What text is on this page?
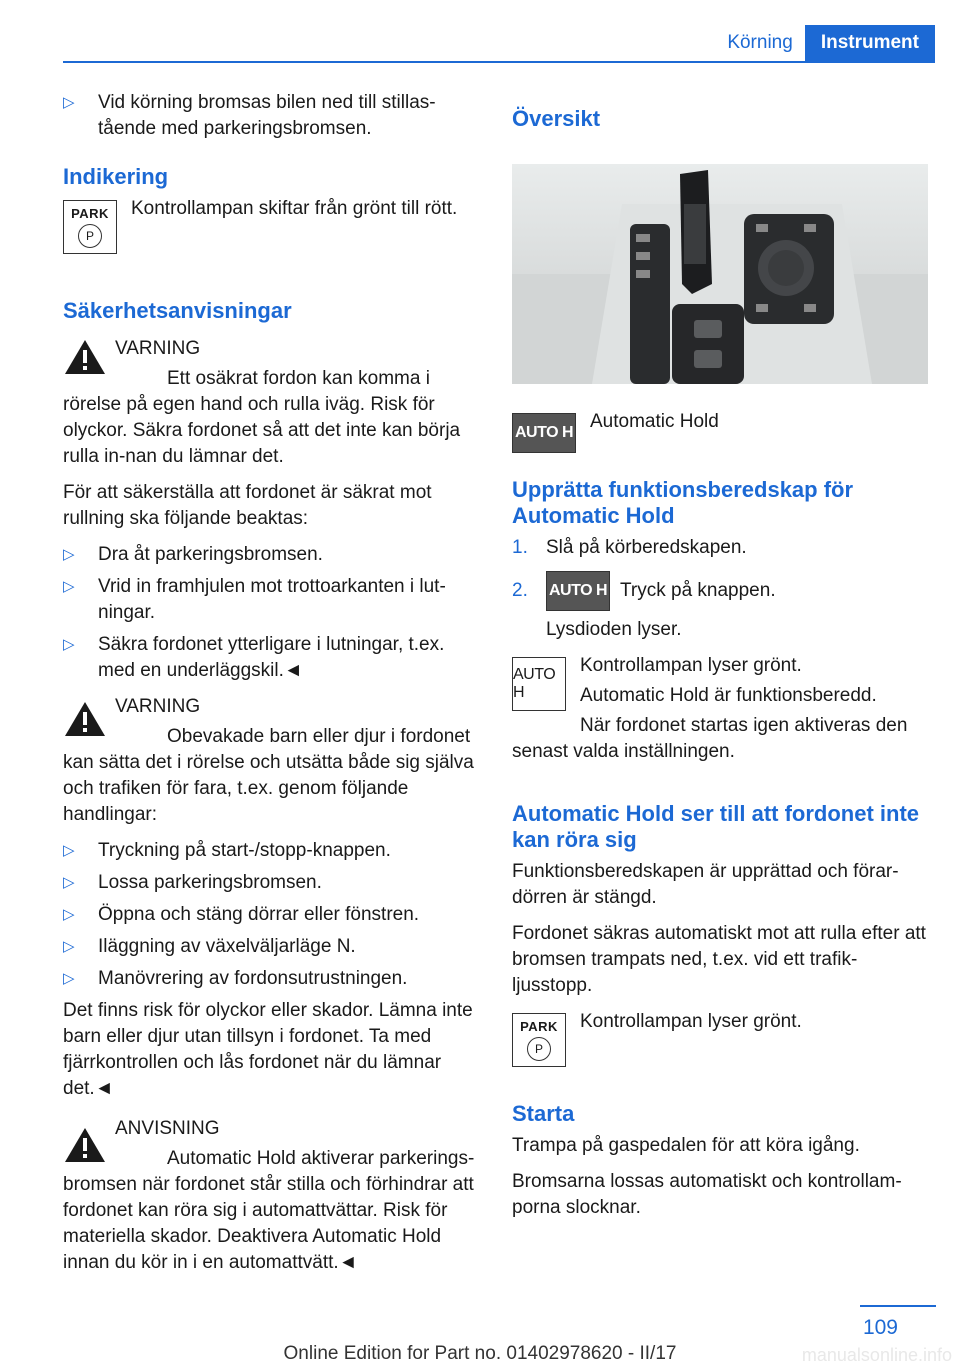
Körning	Instrument
▷	Vid körning bromsas bilen ned till stillas‐tående med parkeringsbromsen.
Indikering
PARK
P

Kontrollampan skiftar från grönt till rött.

Säkerhetsanvisningar

VARNING

Ett osäkrat fordon kan komma i rörelse på egen hand och rulla iväg. Risk för olyckor. Säkra fordonet så att det inte kan börja rulla in‐nan du lämnar det.

För att säkerställa att fordonet är säkrat mot rullning ska följande beaktas:

▷	Dra åt parkeringsbromsen.
▷	Vrid in framhjulen mot trottoarkanten i lut‐ningar.
▷	Säkra fordonet ytterligare i lutningar, t.ex. med en underläggskil.◄

VARNING

Obevakade barn eller djur i fordonet kan sätta det i rörelse och utsätta både sig själva och trafiken för fara, t.ex. genom följande handlingar:

▷	Tryckning på start-/stopp-knappen.
▷	Lossa parkeringsbromsen.
▷	Öppna och stäng dörrar eller fönstren.
▷	Iläggning av växelväljarläge N.
▷	Manövrering av fordonsutrustningen.

Det finns risk för olyckor eller skador. Lämna inte barn eller djur utan tillsyn i fordonet. Ta med fjärrkontrollen och lås fordonet när du lämnar det.◄

ANVISNING

Automatic Hold aktiverar parkerings‐bromsen när fordonet står stilla och förhindrar att fordonet kan röra sig i automattvättar. Risk för materiella skador. Deaktivera Automatic Hold innan du kör in i en automattvätt.◄

Översikt
AUTO H

Automatic Hold

Upprätta funktionsberedskap för Automatic Hold
1. Slå på körberedskapen.
2.	AUTO H Tryck på knappen.

Lysdioden lyser.

AUTO H

Kontrollampan lyser grönt.

Automatic Hold är funktionsberedd.

När fordonet startas igen aktiveras den senast valda inställningen.

Automatic Hold ser till att fordonet inte kan röra sig

Funktionsberedskapen är upprättad och förar‐dörren är stängd.

Fordonet säkras automatiskt mot att rulla efter att bromsen trampats ned, t.ex. vid ett trafik‐ljusstopp.

PARK
P

Kontrollampan lyser grönt.

Starta

Trampa på gaspedalen för att köra igång.

Bromsarna lossas automatiskt och kontrollam‐porna slocknar.

109
Online Edition for Part no. 01402978620 - II/17	manualsonline.info
